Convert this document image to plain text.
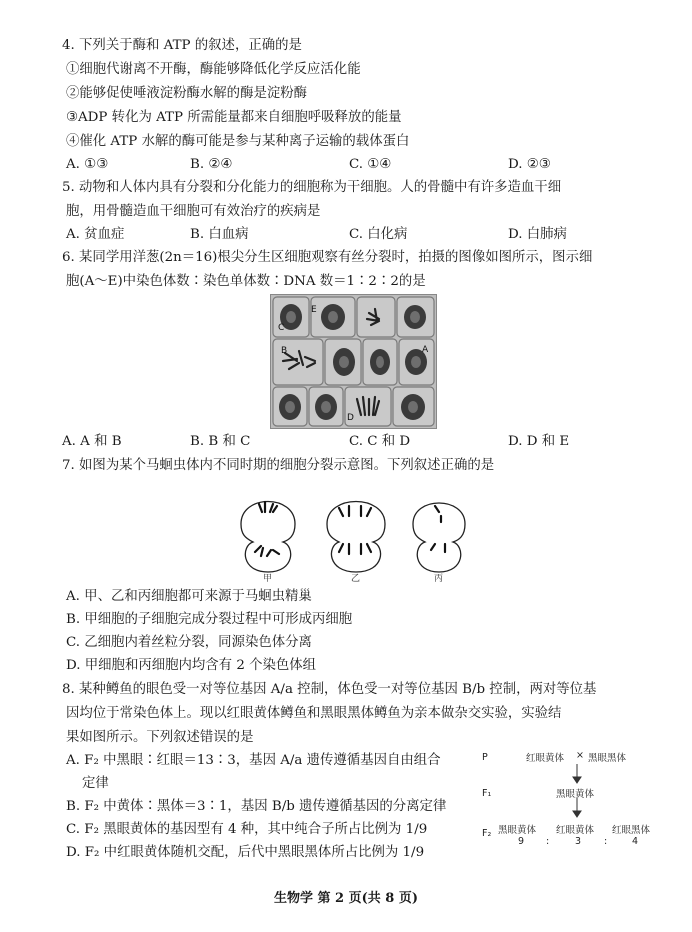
4. 下列关于酶和 ATP 的叙述，正确的是
①细胞代谢离不开酶，酶能够降低化学反应活化能
②能够促使唾液淀粉酶水解的酶是淀粉酶
③ADP 转化为 ATP 所需能量都来自细胞呼吸释放的能量
④催化 ATP 水解的酶可能是参与某种离子运输的载体蛋白
A. ①③	B. ②④	C. ①④	D. ②③
5. 动物和人体内具有分裂和分化能力的细胞称为干细胞。人的骨髓中有许多造血干细
胞，用骨髓造血干细胞可有效治疗的疾病是
A. 贫血症	B. 白血病	C. 白化病	D. 白肺病
6. 某同学用洋葱(2n＝16)根尖分生区细胞观察有丝分裂时，拍摄的图像如图所示，图示细
胞(A～E)中染色体数∶染色单体数∶DNA 数＝1∶2∶2的是
E
C
B	A
D
A. A 和 B	B. B 和 C	C. C 和 D	D. D 和 E
7. 如图为某个马蛔虫体内不同时期的细胞分裂示意图。下列叙述正确的是
甲	乙	丙
A. 甲、乙和丙细胞都可来源于马蛔虫精巢
B. 甲细胞的子细胞完成分裂过程中可形成丙细胞
C. 乙细胞内着丝粒分裂，同源染色体分离
D. 甲细胞和丙细胞内均含有 2 个染色体组
8. 某种鳟鱼的眼色受一对等位基因 A/a 控制，体色受一对等位基因 B/b 控制，两对等位基
因均位于常染色体上。现以红眼黄体鳟鱼和黑眼黑体鳟鱼为亲本做杂交实验，实验结
果如图所示。下列叙述错误的是
A. F₂ 中黑眼∶红眼＝13∶3，基因 A/a 遗传遵循基因自由组合
定律
B. F₂ 中黄体∶黑体＝3∶1，基因 B/b 遗传遵循基因的分离定律
C. F₂ 黑眼黄体的基因型有 4 种，其中纯合子所占比例为 1/9
D. F₂ 中红眼黄体随机交配，后代中黑眼黑体所占比例为 1/9
P	红眼黄体 × 黑眼黑体
F₁	黑眼黄体
F₂ 黑眼黄体 红眼黄体 红眼黑体
9 :	3 :	4
生物学 第 2 页(共 8 页)
